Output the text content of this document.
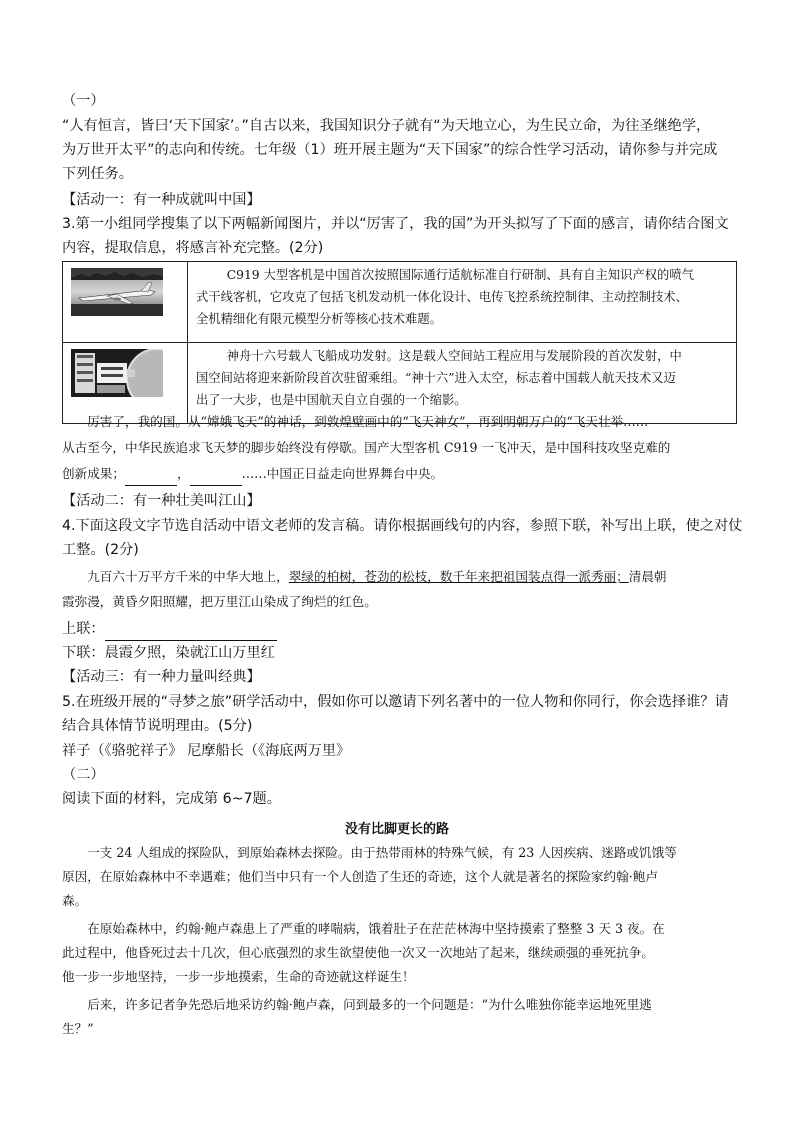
（一）
“人有恒言，皆曰‘天下国家’。”自古以来，我国知识分子就有“为天地立心，为生民立命，为往圣继绝学，
为万世开太平”的志向和传统。七年级（1）班开展主题为“天下国家”的综合性学习活动，请你参与并完成
下列任务。
【活动一：有一种成就叫中国】
3.第一小组同学搜集了以下两幅新闻图片，并以“厉害了，我的国”为开头拟写了下面的感言，请你结合图文
内容，提取信息，将感言补充完整。(2分)

C919 大型客机是中国首次按照国际通行适航标准自行研制、具有自主知识产权的喷气

式干线客机，它攻克了包括飞机发动机一体化设计、电传飞控系统控制律、主动控制技术、

全机精细化有限元模型分析等核心技术难题。

神舟十六号载人飞船成功发射。这是载人空间站工程应用与发展阶段的首次发射，中

国空间站将迎来新阶段首次驻留乘组。“神十六”进入太空，标志着中国载人航天技术又迈

出了一大步，也是中国航天自立自强的一个缩影。

厉害了，我的国。从“嫦娥飞天”的神话，到敦煌壁画中的“飞天神女”，再到明朝万户的“飞天壮举……
从古至今，中华民族追求飞天梦的脚步始终没有停歇。国产大型客机 C919 一飞冲天，是中国科技攻坚克难的
创新成果；	，	……中国正日益走向世界舞台中央。
【活动二：有一种壮美叫江山】
4.下面这段文字节选自活动中语文老师的发言稿。请你根据画线句的内容，参照下联，补写出上联，使之对仗
工整。(2分)
九百六十万平方千米的中华大地上，翠绿的柏树，苍劲的松枝，数千年来把祖国装点得一派秀丽；清晨朝
霞弥漫，黄昏夕阳照耀，把万里江山染成了绚烂的红色。
上联：
下联：晨霞夕照，染就江山万里红
【活动三：有一种力量叫经典】
5.在班级开展的“寻梦之旅”研学活动中，假如你可以邀请下列名著中的一位人物和你同行，你会选择谁？请
结合具体情节说明理由。(5分)
祥子（《骆驼祥子》 尼摩船长（《海底两万里》
（二）
阅读下面的材料，完成第 6~7题。
没有比脚更长的路
一支 24 人组成的探险队，到原始森林去探险。由于热带雨林的特殊气候，有 23 人因疾病、迷路或饥饿等
原因，在原始森林中不幸遇难；他们当中只有一个人创造了生还的奇迹，这个人就是著名的探险家约翰·鲍卢
森。
在原始森林中，约翰·鲍卢森患上了严重的哮喘病，饿着肚子在茫茫林海中坚持摸索了整整 3 天 3 夜。在
此过程中，他昏死过去十几次，但心底强烈的求生欲望使他一次又一次地站了起来，继续顽强的垂死抗争。
他一步一步地坚持，一步一步地摸索，生命的奇迹就这样诞生！
后来，许多记者争先恐后地采访约翰·鲍卢森，问到最多的一个问题是：“为什么唯独你能幸运地死里逃
生？”
